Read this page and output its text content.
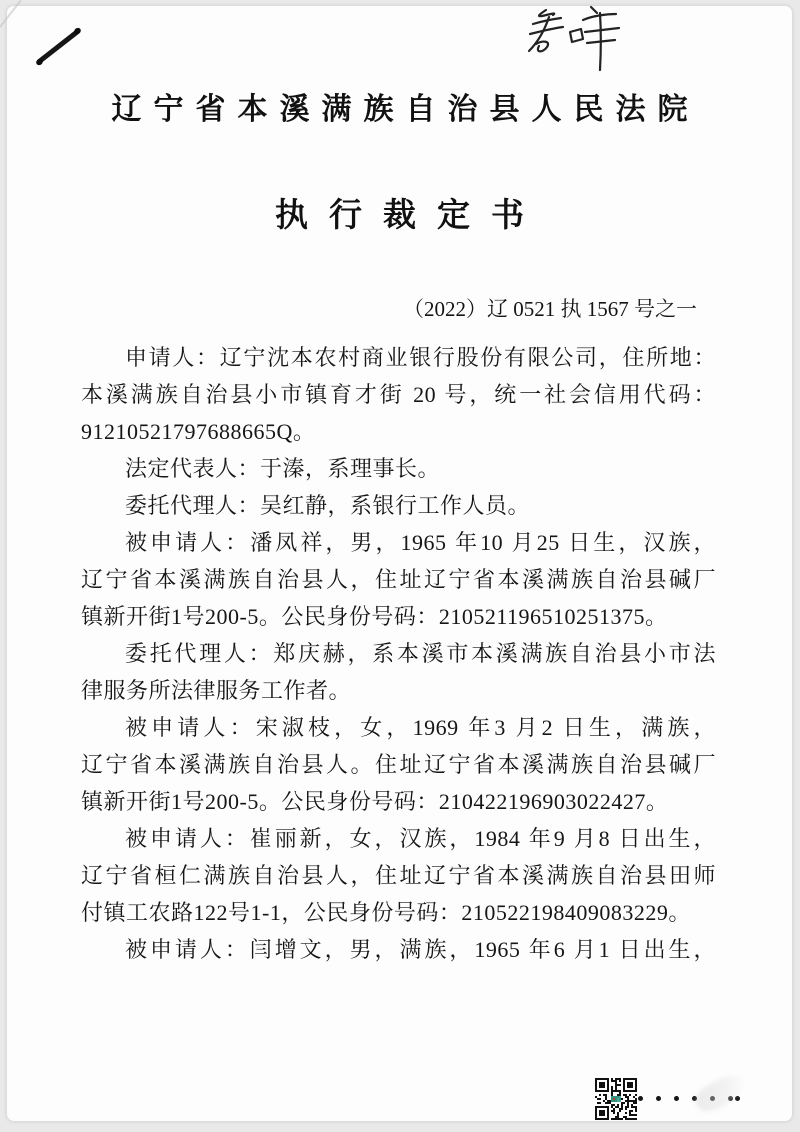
辽宁省本溪满族自治县人民法院
执行裁定书
（2022）辽 0521 执 1567 号之一
申请人：辽宁沈本农村商业银行股份有限公司，住所地：
本溪满族自治县小市镇育才街 20 号，统一社会信用代码：
91210521797688665Q。
法定代表人：于溱，系理事长。
委托代理人：吴红静，系银行工作人员。
被申请人：潘凤祥，男，1965 年10 月25 日生，汉族，
辽宁省本溪满族自治县人，住址辽宁省本溪满族自治县碱厂
镇新开街1号200-5。公民身份号码：210521196510251375。
委托代理人：郑庆赫，系本溪市本溪满族自治县小市法
律服务所法律服务工作者。
被申请人：宋淑枝，女，1969 年3 月2 日生，满族，
辽宁省本溪满族自治县人。住址辽宁省本溪满族自治县碱厂
镇新开街1号200-5。公民身份号码：210422196903022427。
被申请人：崔丽新，女，汉族，1984 年9 月8 日出生，
辽宁省桓仁满族自治县人，住址辽宁省本溪满族自治县田师
付镇工农路122号1-1，公民身份号码：210522198409083229。
被申请人：闫增文，男，满族，1965 年6 月1 日出生，
